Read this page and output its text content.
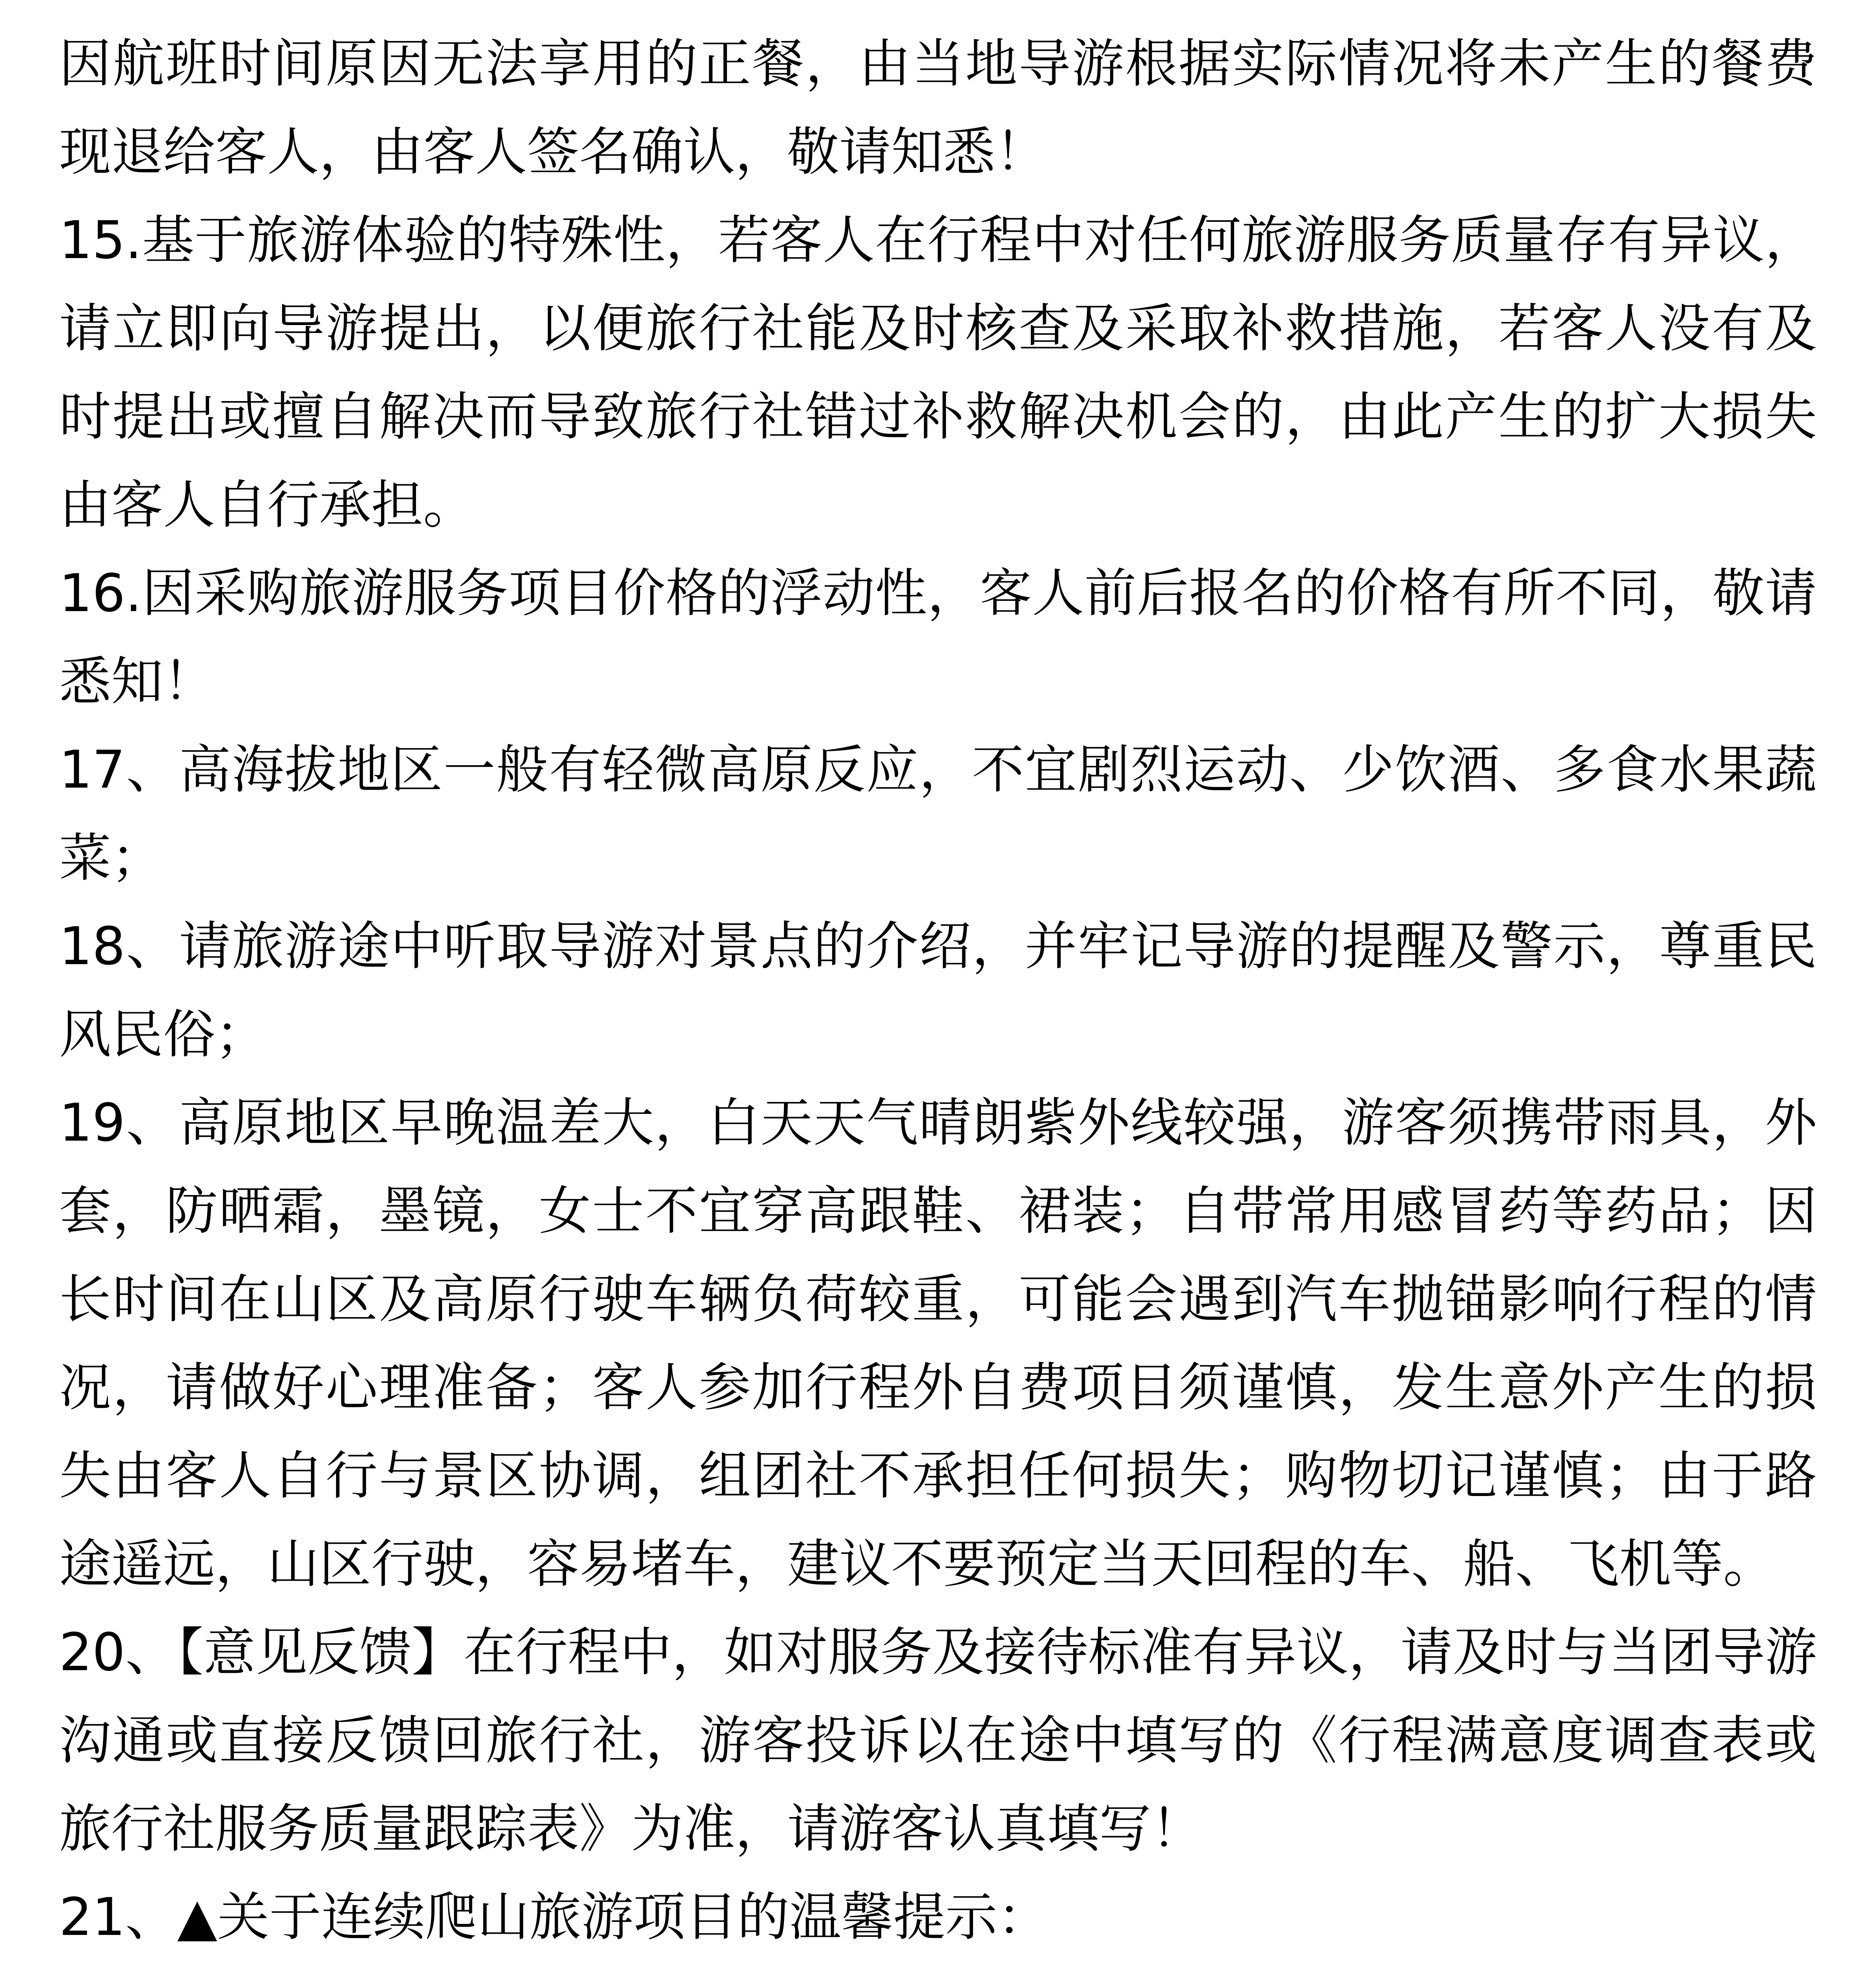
因航班时间原因无法享用的正餐，由当地导游根据实际情况将未产生的餐费现退给客人，由客人签名确认，敬请知悉！

15.基于旅游体验的特殊性，若客人在行程中对任何旅游服务质量存有异议，请立即向导游提出，以便旅行社能及时核查及采取补救措施，若客人没有及时提出或擅自解决而导致旅行社错过补救解决机会的，由此产生的扩大损失由客人自行承担。

16.因采购旅游服务项目价格的浮动性，客人前后报名的价格有所不同，敬请悉知！

17、高海拔地区一般有轻微高原反应，不宜剧烈运动、少饮酒、多食水果蔬菜；

18、请旅游途中听取导游对景点的介绍，并牢记导游的提醒及警示，尊重民风民俗；

19、高原地区早晚温差大，白天天气晴朗紫外线较强，游客须携带雨具，外套，防晒霜，墨镜，女士不宜穿高跟鞋、裙装；自带常用感冒药等药品；因长时间在山区及高原行驶车辆负荷较重，可能会遇到汽车抛锚影响行程的情况，请做好心理准备；客人参加行程外自费项目须谨慎，发生意外产生的损失由客人自行与景区协调，组团社不承担任何损失；购物切记谨慎；由于路途遥远，山区行驶，容易堵车，建议不要预定当天回程的车、船、飞机等。

20、【意见反馈】在行程中，如对服务及接待标准有异议，请及时与当团导游沟通或直接反馈回旅行社，游客投诉以在途中填写的《行程满意度调查表或旅行社服务质量跟踪表》为准，请游客认真填写！

21、▲关于连续爬山旅游项目的温馨提示：
